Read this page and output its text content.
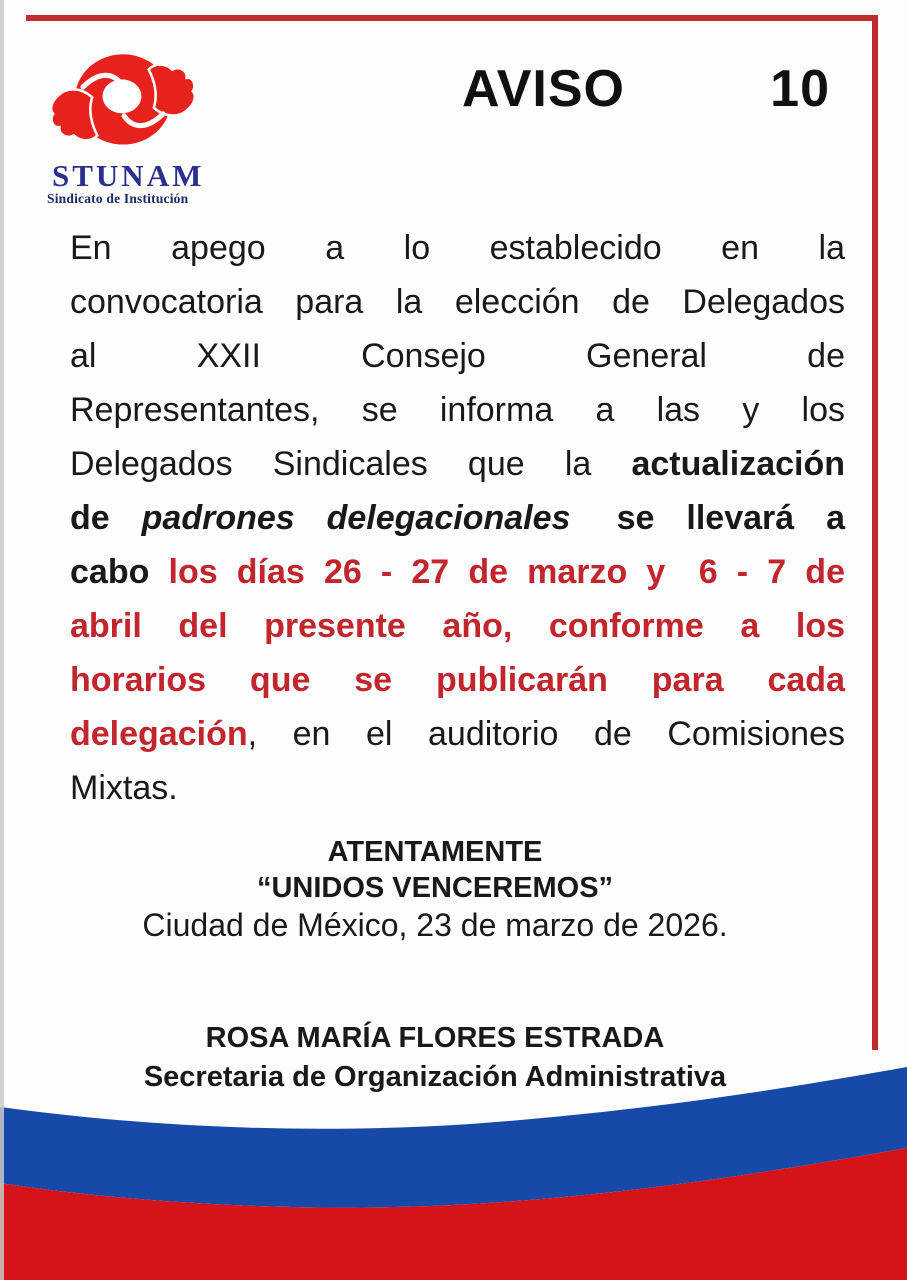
STUNAM
Sindicato de Institución
AVISO	10
En apego a lo establecido en la
convocatoria para la elección de Delegados
al XXII Consejo General de
Representantes, se informa a las y los
Delegados Sindicales que la actualización
de padrones delegacionales se llevará a
cabo los días 26 - 27 de marzo y 6 - 7 de
abril del presente año, conforme a los
horarios que se publicarán para cada
delegación, en el auditorio de Comisiones
Mixtas.
ATENTAMENTE
“UNIDOS VENCEREMOS”
Ciudad de México, 23 de marzo de 2026.
ROSA MARÍA FLORES ESTRADA
Secretaria de Organización Administrativa
